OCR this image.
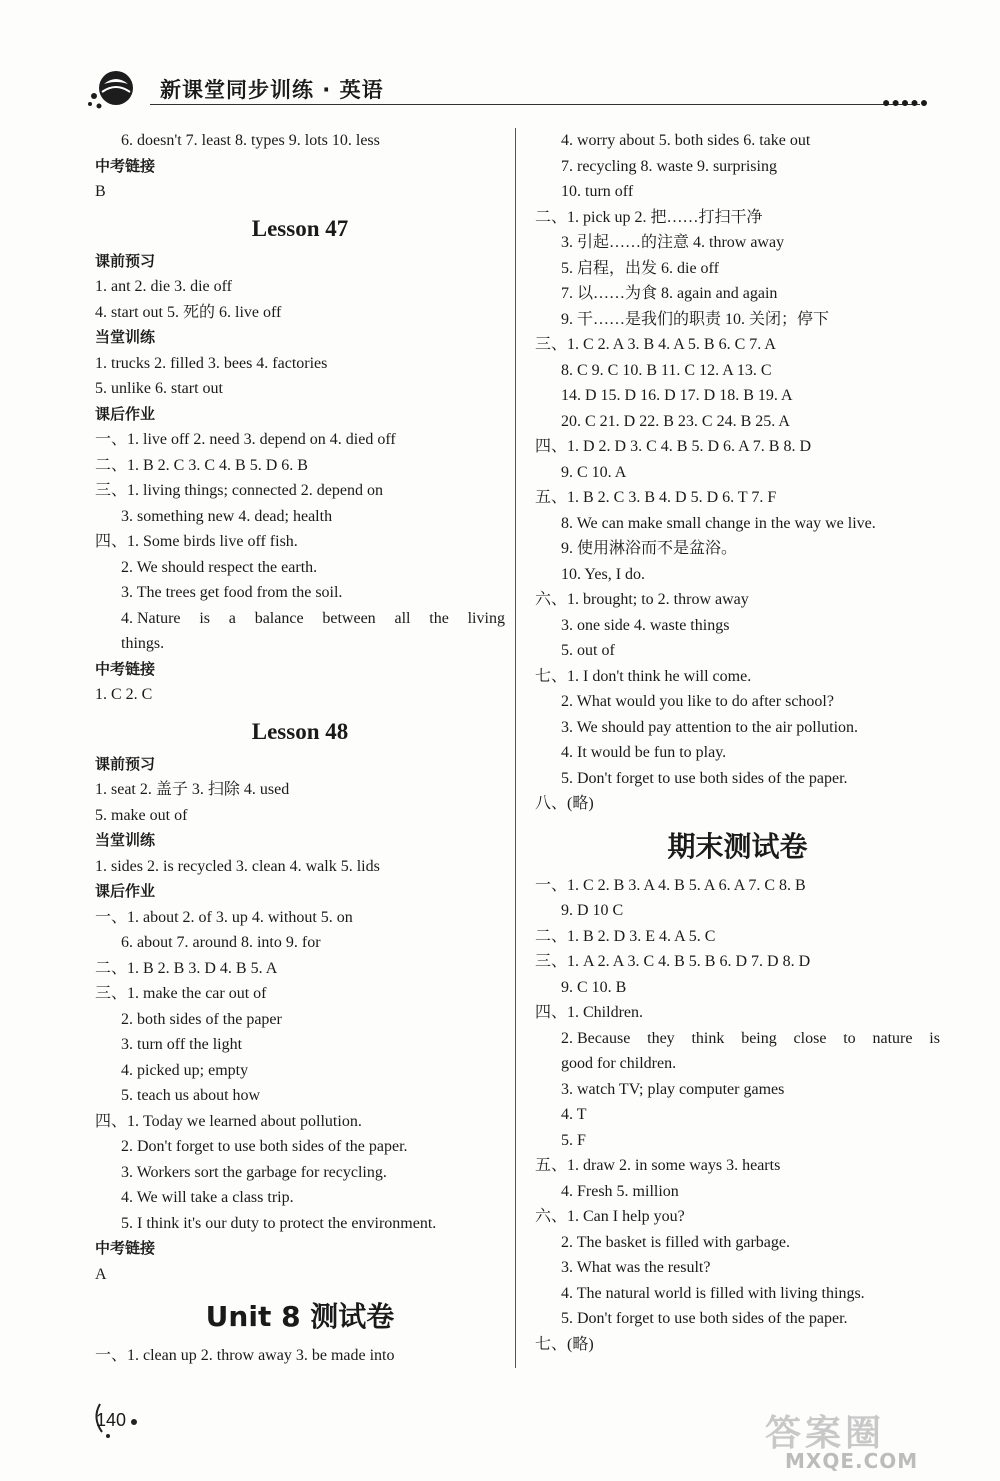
新课堂同步训练 · 英语
●●●●●
6. doesn't 7. least 8. types 9. lots 10. less
中考链接
B
Lesson 47
课前预习
1. ant 2. die 3. die off
4. start out 5. 死的 6. live off
当堂训练
1. trucks 2. filled 3. bees 4. factories
5. unlike 6. start out
课后作业
一、1. live off 2. need 3. depend on 4. died off
二、1. B 2. C 3. C 4. B 5. D 6. B
三、1. living things; connected 2. depend on
3. something new 4. dead; health
四、1. Some birds live off fish.
2. We should respect the earth.
3. The trees get food from the soil.
4. Nature is a balance between all the living
things.
中考链接
1. C 2. C
Lesson 48
课前预习
1. seat 2. 盖子 3. 扫除 4. used
5. make out of
当堂训练
1. sides 2. is recycled 3. clean 4. walk 5. lids
课后作业
一、1. about 2. of 3. up 4. without 5. on
6. about 7. around 8. into 9. for
二、1. B 2. B 3. D 4. B 5. A
三、1. make the car out of
2. both sides of the paper
3. turn off the light
4. picked up; empty
5. teach us about how
四、1. Today we learned about pollution.
2. Don't forget to use both sides of the paper.
3. Workers sort the garbage for recycling.
4. We will take a class trip.
5. I think it's our duty to protect the environment.
中考链接
A
Unit 8 测试卷
一、1. clean up 2. throw away 3. be made into
4. worry about 5. both sides 6. take out
7. recycling 8. waste 9. surprising
10. turn off
二、1. pick up 2. 把……打扫干净
3. 引起……的注意 4. throw away
5. 启程，出发 6. die off
7. 以……为食 8. again and again
9. 干……是我们的职责 10. 关闭；停下
三、1. C 2. A 3. B 4. A 5. B 6. C 7. A
8. C 9. C 10. B 11. C 12. A 13. C
14. D 15. D 16. D 17. D 18. B 19. A
20. C 21. D 22. B 23. C 24. B 25. A
四、1. D 2. D 3. C 4. B 5. D 6. A 7. B 8. D
9. C 10. A
五、1. B 2. C 3. B 4. D 5. D 6. T 7. F
8. We can make small change in the way we live.
9. 使用淋浴而不是盆浴。
10. Yes, I do.
六、1. brought; to 2. throw away
3. one side 4. waste things
5. out of
七、1. I don't think he will come.
2. What would you like to do after school?
3. We should pay attention to the air pollution.
4. It would be fun to play.
5. Don't forget to use both sides of the paper.
八、(略)
期末测试卷
一、1. C 2. B 3. A 4. B 5. A 6. A 7. C 8. B
9. D 10 C
二、1. B 2. D 3. E 4. A 5. C
三、1. A 2. A 3. C 4. B 5. B 6. D 7. D 8. D
9. C 10. B
四、1. Children.
2. Because they think being close to nature is
good for children.
3. watch TV; play computer games
4. T
5. F
五、1. draw 2. in some ways 3. hearts
4. Fresh 5. million
六、1. Can I help you?
2. The basket is filled with garbage.
3. What was the result?
4. The natural world is filled with living things.
5. Don't forget to use both sides of the paper.
七、(略)
140	答案圈
MXQE.COM
